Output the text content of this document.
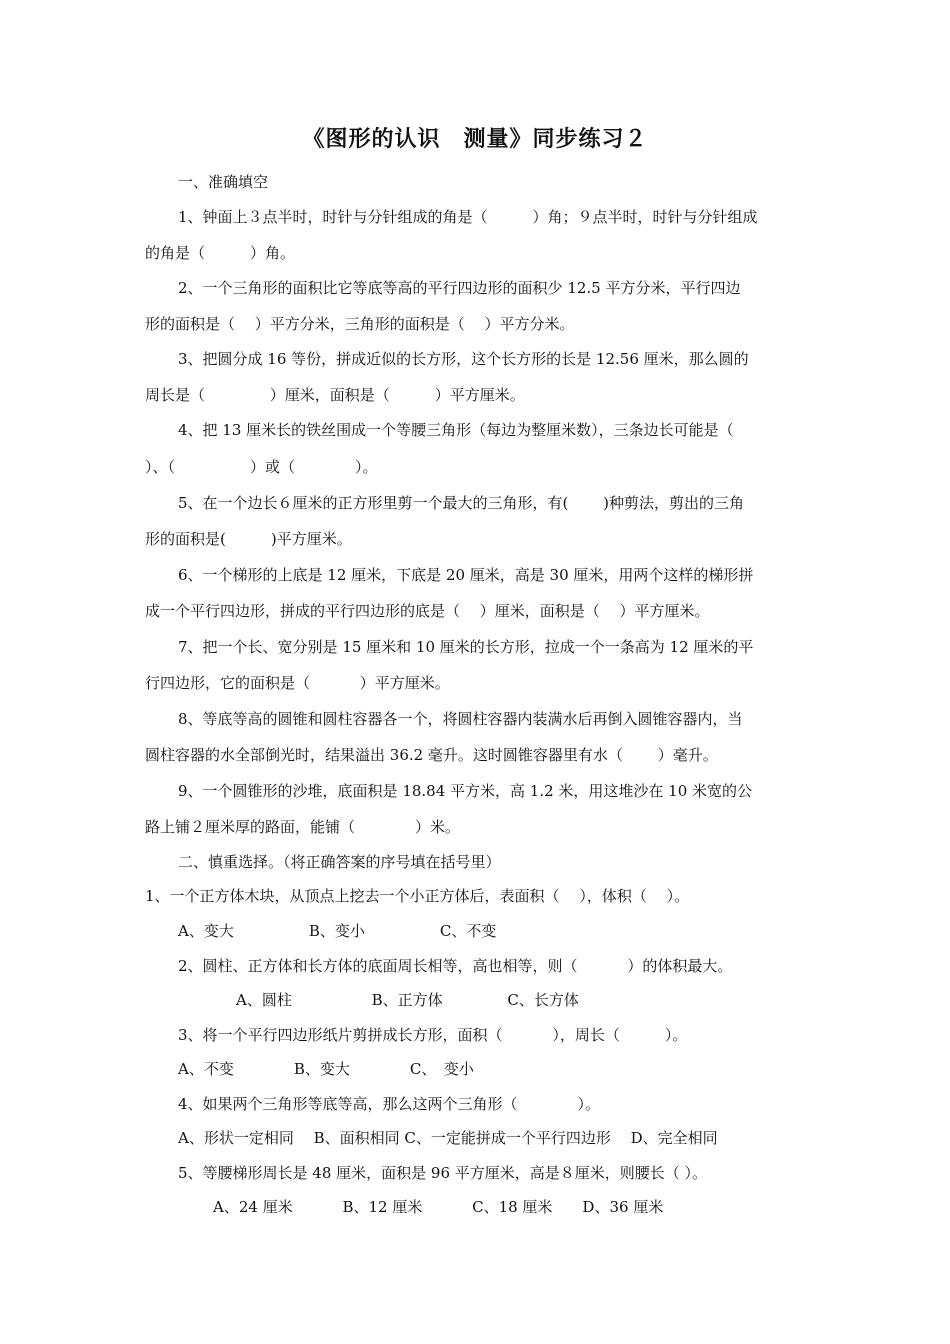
《图形的认识　测量》同步练习２
一、准确填空
1、钟面上３点半时，时针与分针组成的角是（　　　）角；９点半时，时针与分针组成
的角是（　　　）角。
2、一个三角形的面积比它等底等高的平行四边形的面积少 12.5 平方分米，平行四边
形的面积是（　 ）平方分米，三角形的面积是（　 ）平方分米。
3、把圆分成 16 等份，拼成近似的长方形，这个长方形的长是 12.56 厘米，那么圆的
周长是（　　　　 ）厘米，面积是（　　　）平方厘米。
4、把 13 厘米长的铁丝围成一个等腰三角形（每边为整厘米数），三条边长可能是（
）、（　　　　　）或（　　　　）。
5、在一个边长６厘米的正方形里剪一个最大的三角形，有(　　 )种剪法，剪出的三角
形的面积是(　　　)平方厘米。
6、一个梯形的上底是 12 厘米，下底是 20 厘米，高是 30 厘米，用两个这样的梯形拼
成一个平行四边形，拼成的平行四边形的底是（　 ）厘米，面积是（　 ）平方厘米。
7、把一个长、宽分别是 15 厘米和 10 厘米的长方形，拉成一个一条高为 12 厘米的平
行四边形，它的面积是（　　　 ）平方厘米。
8、等底等高的圆锥和圆柱容器各一个，将圆柱容器内装满水后再倒入圆锥容器内，当
圆柱容器的水全部倒光时，结果溢出 36.2 毫升。这时圆锥容器里有水（　　 ）毫升。
9、一个圆锥形的沙堆，底面积是 18.84 平方米，高 1.2 米，用这堆沙在 10 米宽的公
路上铺２厘米厚的路面，能铺（　　　　）米。
二、慎重选择。（将正确答案的序号填在括号里）
1、一个正方体木块，从顶点上挖去一个小正方体后，表面积（　 ），体积（　 ）。
A、变大　　　　　B、变小　　　　　C、不变
2、圆柱、正方体和长方体的底面周长相等，高也相等，则（　　　 ）的体积最大。
A、圆柱　　　　　 B、正方体　　　　 C、长方体
3、将一个平行四边形纸片剪拼成长方形，面积（　　　 ），周长（　　　）。
A、不变　　　　B、变大　　　　C、　变小
4、如果两个三角形等底等高，那么这两个三角形（　　　　）。
A、形状一定相同　 B、面积相同 C、一定能拼成一个平行四边形　 D、完全相同
5、等腰梯形周长是 48 厘米，面积是 96 平方厘米，高是８厘米，则腰长（ ）。
A、24 厘米　　　 B、12 厘米　　　 C、18 厘米　　D、36 厘米
